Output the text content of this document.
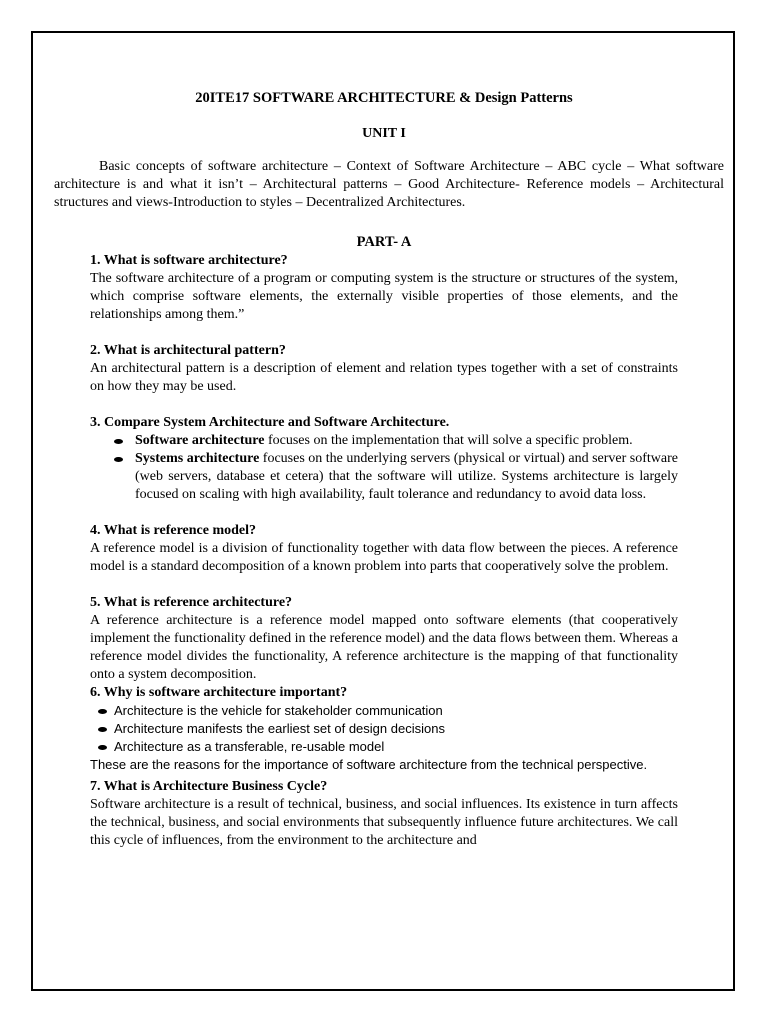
20ITE17 SOFTWARE ARCHITECTURE & Design Patterns
UNIT I

Basic concepts of software architecture – Context of Software Architecture – ABC cycle – What software architecture is and what it isn’t – Architectural patterns – Good Architecture- Reference models – Architectural structures and views-Introduction to styles – Decentralized Architectures.

PART- A

1. What is software architecture?

The software architecture of a program or computing system is the structure or structures of the system, which comprise software elements, the externally visible properties of those elements, and the relationships among them.”

2. What is architectural pattern?

An architectural pattern is a description of element and relation types together with a set of constraints on how they may be used.

3. Compare System Architecture and Software Architecture.

Software architecture focuses on the implementation that will solve a specific problem.
Systems architecture focuses on the underlying servers (physical or virtual) and server software (web servers, database et cetera) that the software will utilize. Systems architecture is largely focused on scaling with high availability, fault tolerance and redundancy to avoid data loss.

4. What is reference model?

A reference model is a division of functionality together with data flow between the pieces. A reference model is a standard decomposition of a known problem into parts that cooperatively solve the problem.

5. What is reference architecture?

A reference architecture is a reference model mapped onto software elements (that cooperatively implement the functionality defined in the reference model) and the data flows between them. Whereas a reference model divides the functionality, A reference architecture is the mapping of that functionality onto a system decomposition.

6. Why is software architecture important?

Architecture is the vehicle for stakeholder communication
Architecture manifests the earliest set of design decisions
Architecture as a transferable, re-usable model

These are the reasons for the importance of software architecture from the technical perspective.

7. What is Architecture Business Cycle?

Software architecture is a result of technical, business, and social influences. Its existence in turn affects the technical, business, and social environments that subsequently influence future architectures. We call this cycle of influences, from the environment to the architecture and
